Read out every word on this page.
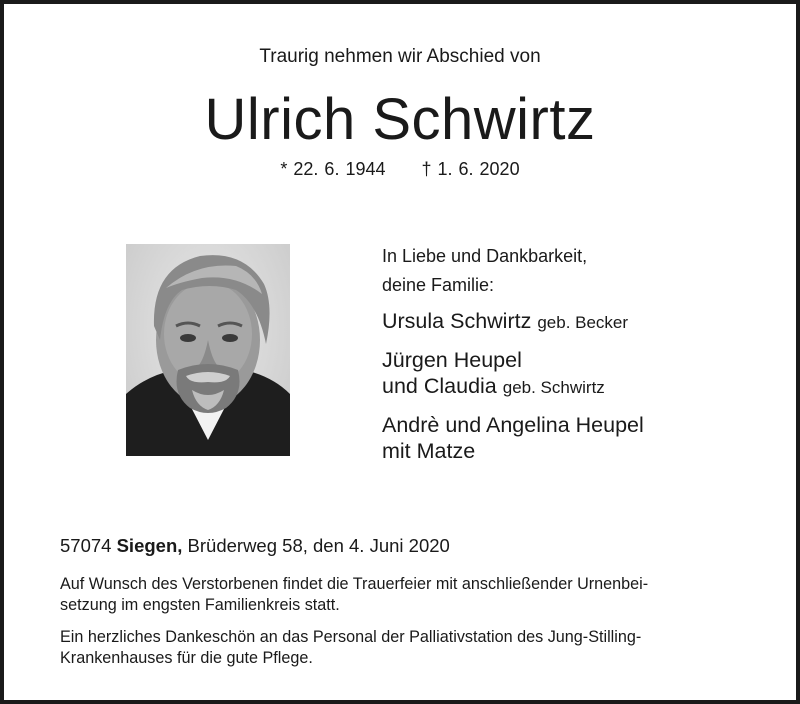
Traurig nehmen wir Abschied von
Ulrich Schwirtz
* 22. 6. 1944 † 1. 6. 2020
In Liebe und Dankbarkeit,
deine Familie:
Ursula Schwirtz geb. Becker
Jürgen Heupel
und Claudia geb. Schwirtz
Andrè und Angelina Heupel
mit Matze
57074 Siegen, Brüderweg 58, den 4. Juni 2020
Auf Wunsch des Verstorbenen findet die Trauerfeier mit anschließender Urnenbei-
setzung im engsten Familienkreis statt.
Ein herzliches Dankeschön an das Personal der Palliativstation des Jung-Stilling-
Krankenhauses für die gute Pflege.
